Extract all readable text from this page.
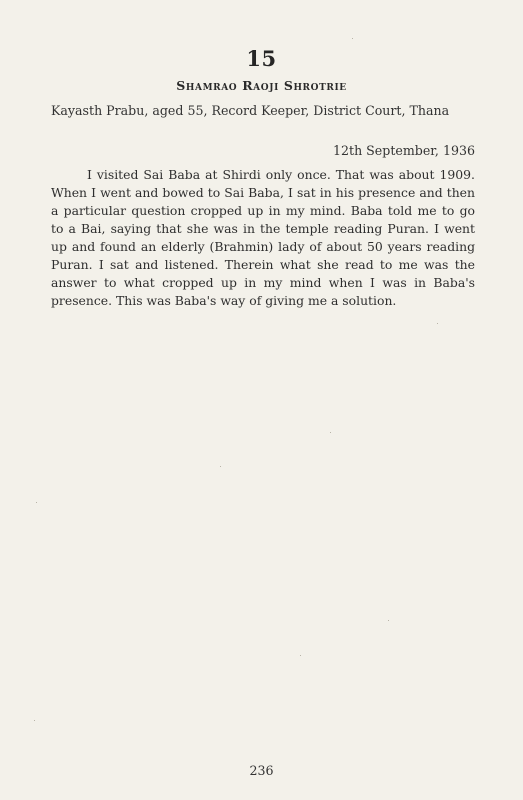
15
Shamrao Raoji Shrotrie
Kayasth Prabu, aged 55, Record Keeper, District Court, Thana
12th September, 1936

I visited Sai Baba at Shirdi only once. That was about 1909. When I went and bowed to Sai Baba, I sat in his presence and then a particular question cropped up in my mind. Baba told me to go to a Bai, saying that she was in the temple reading Puran. I went up and found an elderly (Brahmin) lady of about 50 years reading Puran. I sat and listened. Therein what she read to me was the answer to what cropped up in my mind when I was in Baba's presence. This was Baba's way of giving me a solution.

236
